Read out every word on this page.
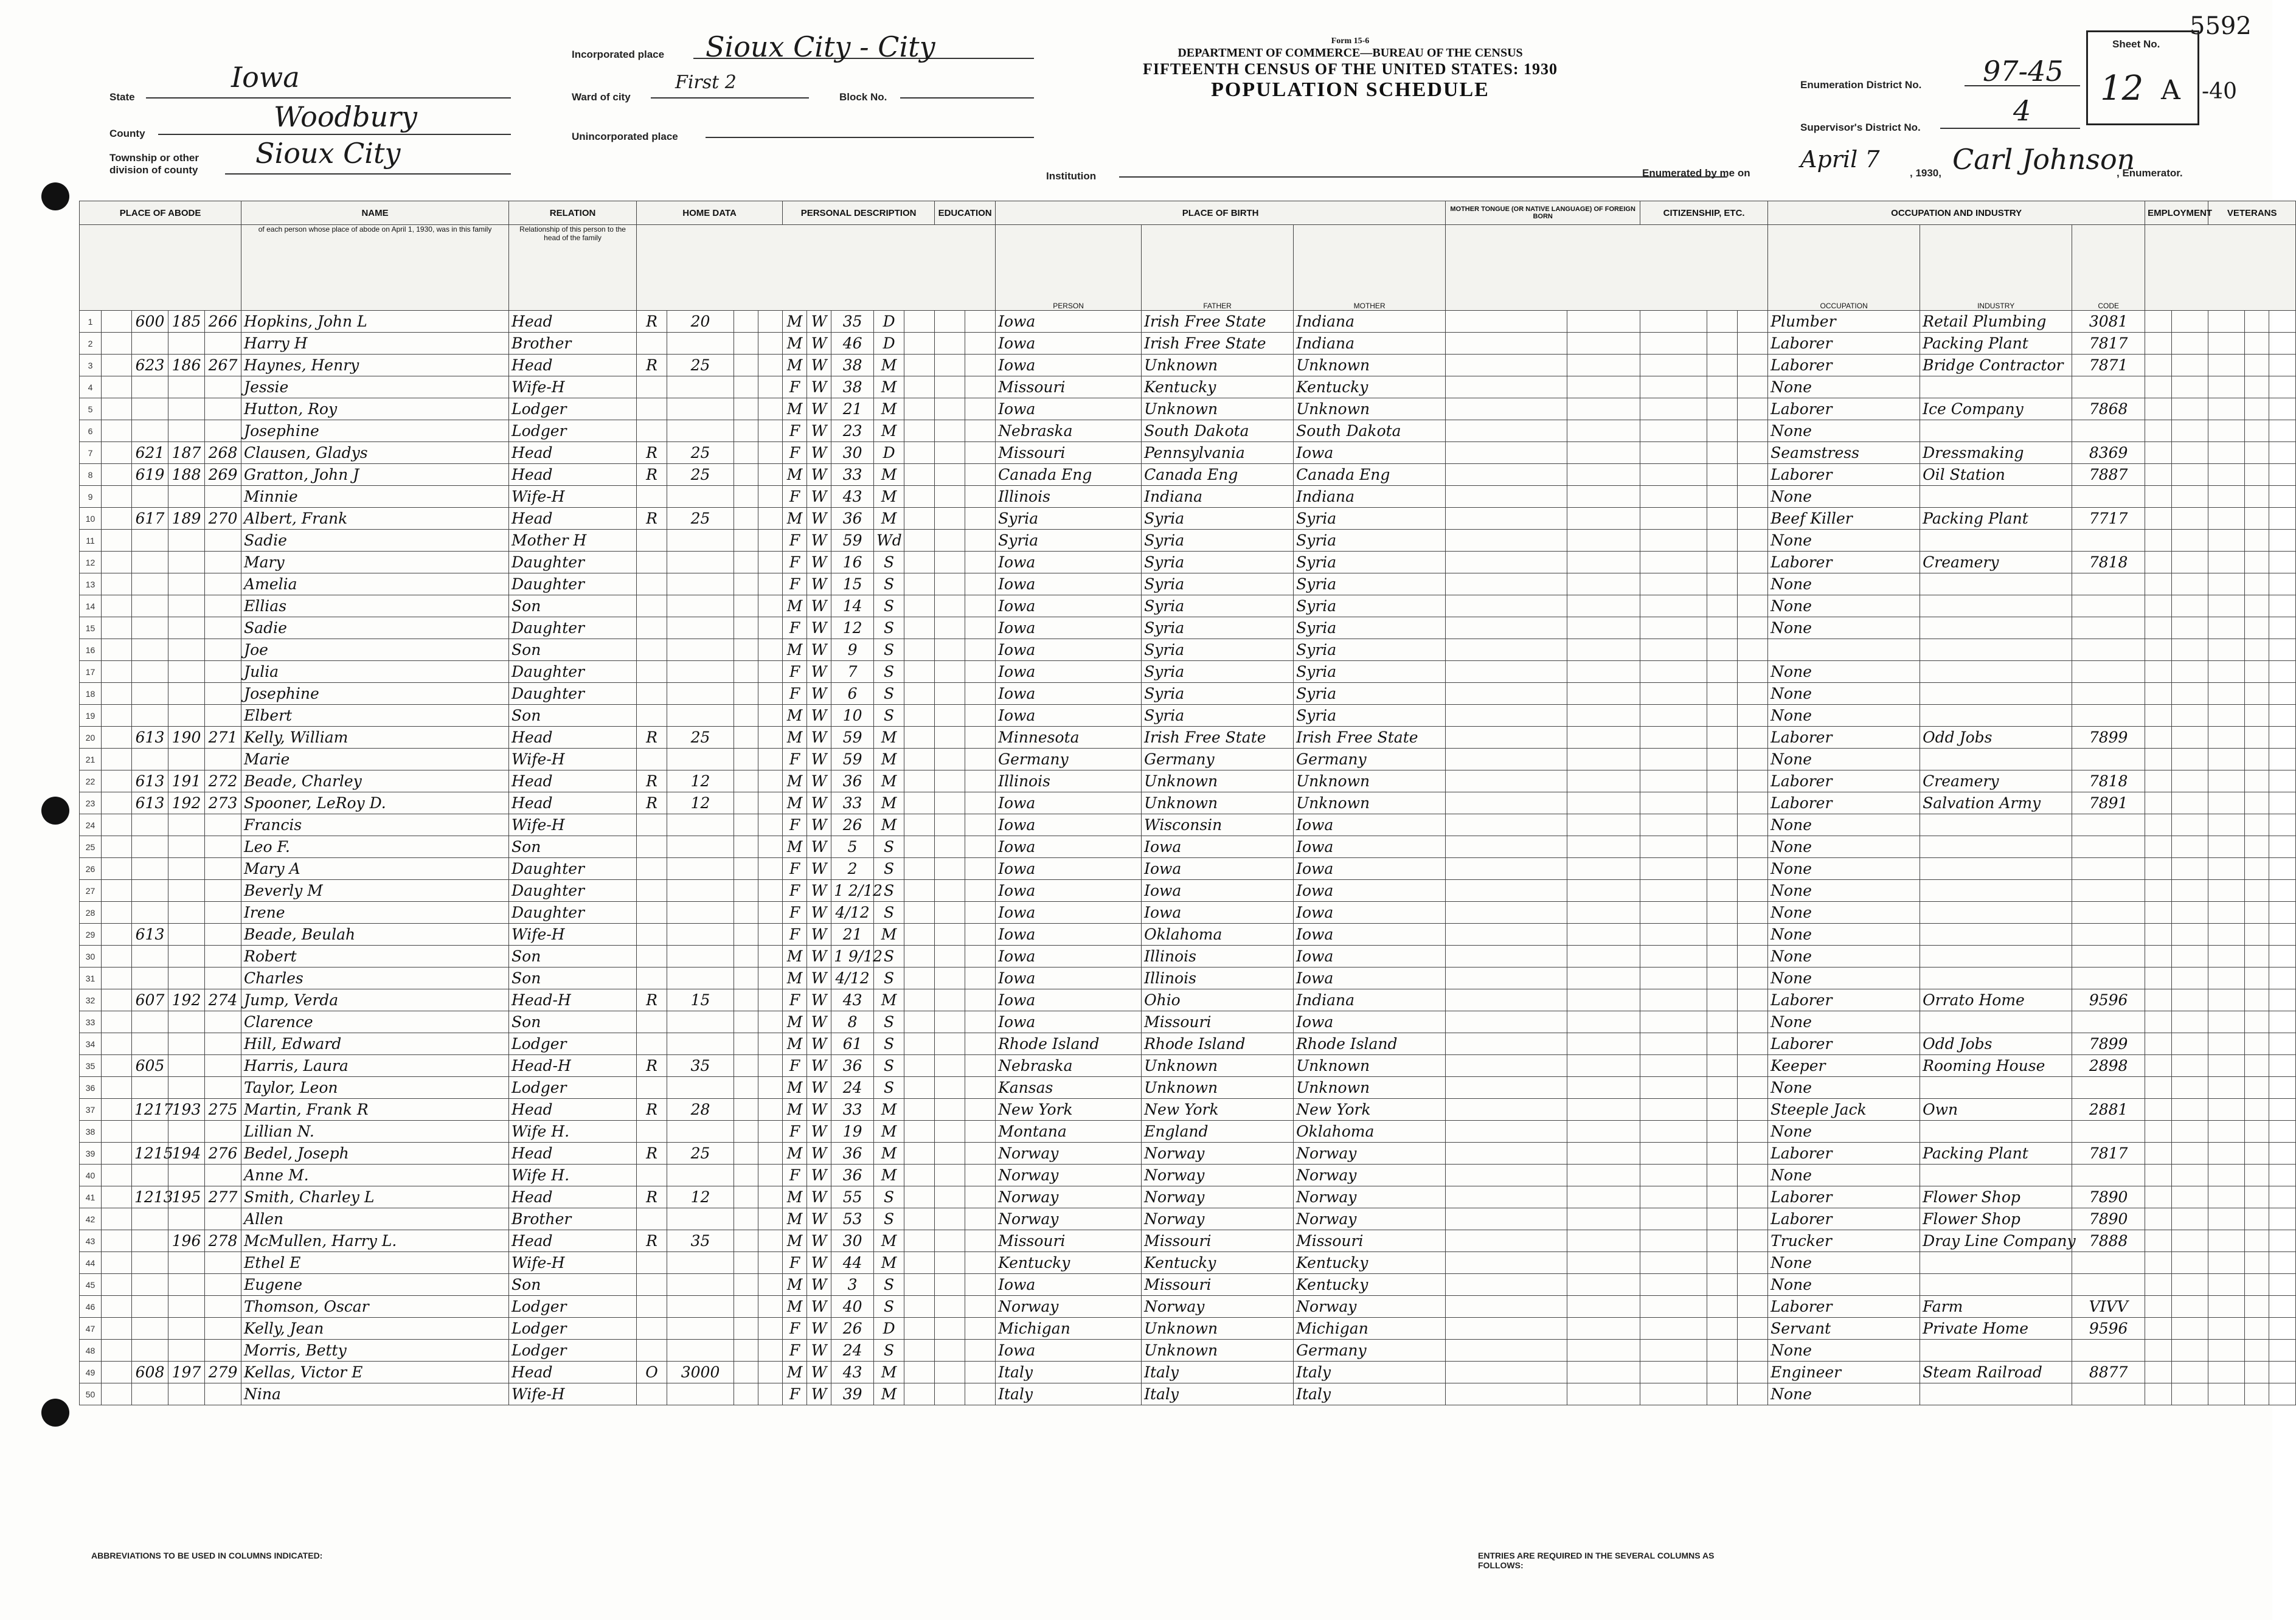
5592
-40
State
Iowa
County
Woodbury
Township or other division of county
Sioux City
Incorporated place Sioux City - City
Ward of city
First 2
Block No.
Unincorporated place
Institution
Form 15-6
DEPARTMENT OF COMMERCE—BUREAU OF THE CENSUS
FIFTEENTH CENSUS OF THE UNITED STATES: 1930
POPULATION SCHEDULE	Enumeration District No. 97-45
Supervisor's District No.
4
Sheet No.
12 A
Enumerated by me on
April 7
, 1930, Carl Johnson
, Enumerator.
PLACE OF ABODE					NAME	RELATION	HOME DATA				PERSONAL DESCRIPTION					EDUCATION		PLACE OF BIRTH			MOTHER TONGUE (OR NATIVE LANGUAGE) OF FOREIGN BORN		CITIZENSHIP, ETC.			OCCUPATION AND INDUSTRY			EMPLOYMENT		VETERANS		
					of each person whose place of abode on April 1, 1930, was in this family	Relationship of this person to the head of the family												PERSON	FATHER	MOTHER						OCCUPATION	INDUSTRY	CODE					
1		600	185	266	Hopkins, John L	Head	R	20			M	W	35	D				Iowa	Irish Free State	Indiana						Plumber	Retail Plumbing	3081					
2					Harry H	Brother					M	W	46	D				Iowa	Irish Free State	Indiana						Laborer	Packing Plant	7817					
3		623	186	267	Haynes, Henry	Head	R	25			M	W	38	M				Iowa	Unknown	Unknown						Laborer	Bridge Contractor	7871					
4					Jessie	Wife-H					F	W	38	M				Missouri	Kentucky	Kentucky						None							
5					Hutton, Roy	Lodger					M	W	21	M				Iowa	Unknown	Unknown						Laborer	Ice Company	7868					
6					Josephine	Lodger					F	W	23	M				Nebraska	South Dakota	South Dakota						None							
7		621	187	268	Clausen, Gladys	Head	R	25			F	W	30	D				Missouri	Pennsylvania	Iowa						Seamstress	Dressmaking	8369					
8		619	188	269	Gratton, John J	Head	R	25			M	W	33	M				Canada Eng	Canada Eng	Canada Eng						Laborer	Oil Station	7887					
9					Minnie	Wife-H					F	W	43	M				Illinois	Indiana	Indiana						None							
10		617	189	270	Albert, Frank	Head	R	25			M	W	36	M				Syria	Syria	Syria						Beef Killer	Packing Plant	7717					
11					Sadie	Mother H					F	W	59	Wd				Syria	Syria	Syria						None							
12					Mary	Daughter					F	W	16	S				Iowa	Syria	Syria						Laborer	Creamery	7818					
13					Amelia	Daughter					F	W	15	S				Iowa	Syria	Syria						None							
14					Ellias	Son					M	W	14	S				Iowa	Syria	Syria						None							
15					Sadie	Daughter					F	W	12	S				Iowa	Syria	Syria						None							
16					Joe	Son					M	W	9	S				Iowa	Syria	Syria													
17					Julia	Daughter					F	W	7	S				Iowa	Syria	Syria						None							
18					Josephine	Daughter					F	W	6	S				Iowa	Syria	Syria						None							
19					Elbert	Son					M	W	10	S				Iowa	Syria	Syria						None							
20		613	190	271	Kelly, William	Head	R	25			M	W	59	M				Minnesota	Irish Free State	Irish Free State						Laborer	Odd Jobs	7899					
21					Marie	Wife-H					F	W	59	M				Germany	Germany	Germany						None							
22		613	191	272	Beade, Charley	Head	R	12			M	W	36	M				Illinois	Unknown	Unknown						Laborer	Creamery	7818					
23		613	192	273	Spooner, LeRoy D.	Head	R	12			M	W	33	M				Iowa	Unknown	Unknown						Laborer	Salvation Army	7891					
24					Francis	Wife-H					F	W	26	M				Iowa	Wisconsin	Iowa						None							
25					Leo F.	Son					M	W	5	S				Iowa	Iowa	Iowa						None							
26					Mary A	Daughter					F	W	2	S				Iowa	Iowa	Iowa						None							
27					Beverly M	Daughter					F	W	1 2/12	S				Iowa	Iowa	Iowa						None							
28					Irene	Daughter					F	W	4/12	S				Iowa	Iowa	Iowa						None							
29		613			Beade, Beulah	Wife-H					F	W	21	M				Iowa	Oklahoma	Iowa						None							
30					Robert	Son					M	W	1 9/12	S				Iowa	Illinois	Iowa						None							
31					Charles	Son					M	W	4/12	S				Iowa	Illinois	Iowa						None							
32		607	192	274	Jump, Verda	Head-H	R	15			F	W	43	M				Iowa	Ohio	Indiana						Laborer	Orrato Home	9596					
33					Clarence	Son					M	W	8	S				Iowa	Missouri	Iowa						None							
34					Hill, Edward	Lodger					M	W	61	S				Rhode Island	Rhode Island	Rhode Island						Laborer	Odd Jobs	7899					
35		605			Harris, Laura	Head-H	R	35			F	W	36	S				Nebraska	Unknown	Unknown						Keeper	Rooming House	2898					
36					Taylor, Leon	Lodger					M	W	24	S				Kansas	Unknown	Unknown						None							
37		1217	193	275	Martin, Frank R	Head	R	28			M	W	33	M				New York	New York	New York						Steeple Jack	Own	2881					
38					Lillian N.	Wife H.					F	W	19	M				Montana	England	Oklahoma						None							
39		1215	194	276	Bedel, Joseph	Head	R	25			M	W	36	M				Norway	Norway	Norway						Laborer	Packing Plant	7817					
40					Anne M.	Wife H.					F	W	36	M				Norway	Norway	Norway						None							
41		1213	195	277	Smith, Charley L	Head	R	12			M	W	55	S				Norway	Norway	Norway						Laborer	Flower Shop	7890					
42					Allen	Brother					M	W	53	S				Norway	Norway	Norway						Laborer	Flower Shop	7890					
43			196	278	McMullen, Harry L.	Head	R	35			M	W	30	M				Missouri	Missouri	Missouri						Trucker	Dray Line Company	7888					
44					Ethel E	Wife-H					F	W	44	M				Kentucky	Kentucky	Kentucky						None							
45					Eugene	Son					M	W	3	S				Iowa	Missouri	Kentucky						None							
46					Thomson, Oscar	Lodger					M	W	40	S				Norway	Norway	Norway						Laborer	Farm	VIVV					
47					Kelly, Jean	Lodger					F	W	26	D				Michigan	Unknown	Michigan						Servant	Private Home	9596					
48					Morris, Betty	Lodger					F	W	24	S				Iowa	Unknown	Germany						None							
49		608	197	279	Kellas, Victor E	Head	O	3000			M	W	43	M				Italy	Italy	Italy						Engineer	Steam Railroad	8877					
50					Nina	Wife-H					F	W	39	M				Italy	Italy	Italy						None							
ABBREVIATIONS TO BE USED IN COLUMNS INDICATED:	ENTRIES ARE REQUIRED IN THE SEVERAL COLUMNS AS FOLLOWS:
